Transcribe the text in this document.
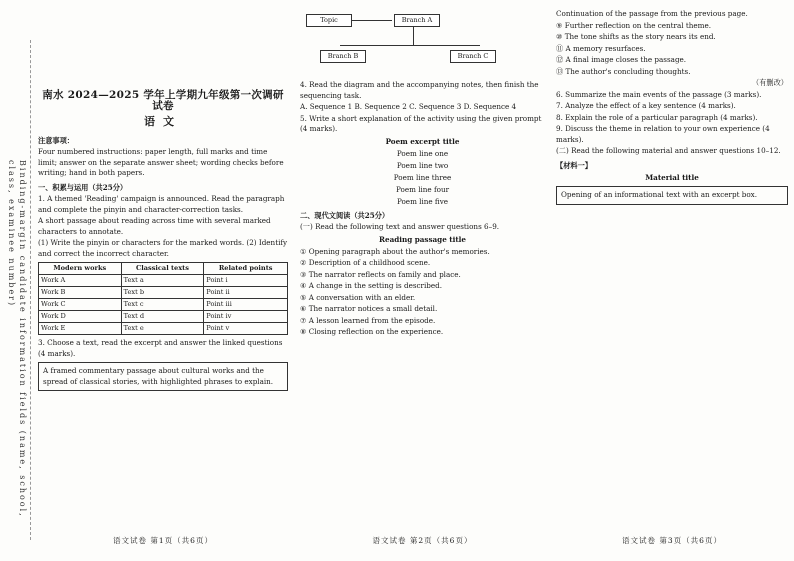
Binding-margin candidate information fields (name, school, class, examinee number)
南水 2024—2025 学年上学期九年级第一次调研试卷
语文
注意事项：
Four numbered instructions: paper length, full marks and time limit; answer on the separate answer sheet; wording checks before writing; hand in both papers.
一、积累与运用（共25分）
1. A themed 'Reading' campaign is announced. Read the paragraph and complete the pinyin and character-correction tasks.
A short passage about reading across time with several marked characters to annotate.
(1) Write the pinyin or characters for the marked words. (2) Identify and correct the incorrect character.
Modern works	Classical texts	Related points
Work A	Text a	Point i
Work B	Text b	Point ii
Work C	Text c	Point iii
Work D	Text d	Point iv
Work E	Text e	Point v
3. Choose a text, read the excerpt and answer the linked questions (4 marks).
A framed commentary passage about cultural works and the spread of classical stories, with highlighted phrases to explain.
语文试卷 第1页（共6页）
Topic	Branch A
Branch B	Branch C
4. Read the diagram and the accompanying notes, then finish the sequencing task.
A. Sequence 1 B. Sequence 2 C. Sequence 3 D. Sequence 4
5. Write a short explanation of the activity using the given prompt (4 marks).
Poem excerpt title
Poem line one
Poem line two
Poem line three
Poem line four
Poem line five
二、现代文阅读（共25分）
(一) Read the following text and answer questions 6–9.
Reading passage title
① Opening paragraph about the author's memories.
② Description of a childhood scene.
③ The narrator reflects on family and place.
④ A change in the setting is described.
⑤ A conversation with an elder.
⑥ The narrator notices a small detail.
⑦ A lesson learned from the episode.
⑧ Closing reflection on the experience.
语文试卷 第2页（共6页）
Continuation of the passage from the previous page.
⑨ Further reflection on the central theme.
⑩ The tone shifts as the story nears its end.
⑪ A memory resurfaces.
⑫ A final image closes the passage.
⑬ The author's concluding thoughts.
（有删改）
6. Summarize the main events of the passage (3 marks).
7. Analyze the effect of a key sentence (4 marks).
8. Explain the role of a particular paragraph (4 marks).
9. Discuss the theme in relation to your own experience (4 marks).
(二) Read the following material and answer questions 10–12.
【材料一】
Material title
Opening of an informational text with an excerpt box.
语文试卷 第3页（共6页）
